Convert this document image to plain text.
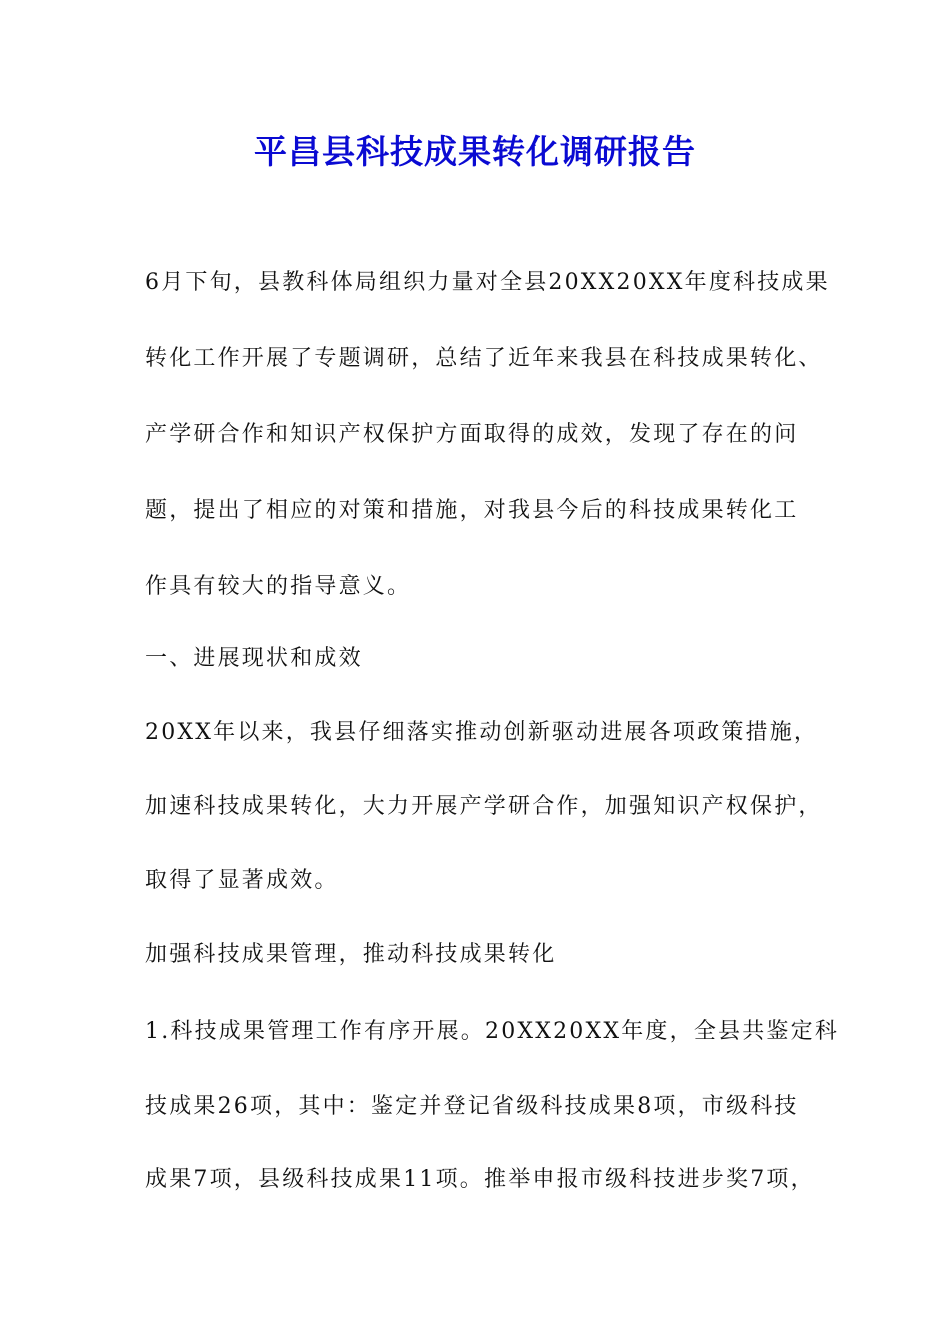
平昌县科技成果转化调研报告

6月下旬，县教科体局组织力量对全县20XX20XX年度科技成果

转化工作开展了专题调研，总结了近年来我县在科技成果转化、

产学研合作和知识产权保护方面取得的成效，发现了存在的问

题，提出了相应的对策和措施，对我县今后的科技成果转化工

作具有较大的指导意义。

一、进展现状和成效

20XX年以来，我县仔细落实推动创新驱动进展各项政策措施，

加速科技成果转化，大力开展产学研合作，加强知识产权保护，

取得了显著成效。

加强科技成果管理，推动科技成果转化

1.科技成果管理工作有序开展。20XX20XX年度，全县共鉴定科

技成果26项，其中：鉴定并登记省级科技成果8项，市级科技

成果7项，县级科技成果11项。推举申报市级科技进步奖7项，
